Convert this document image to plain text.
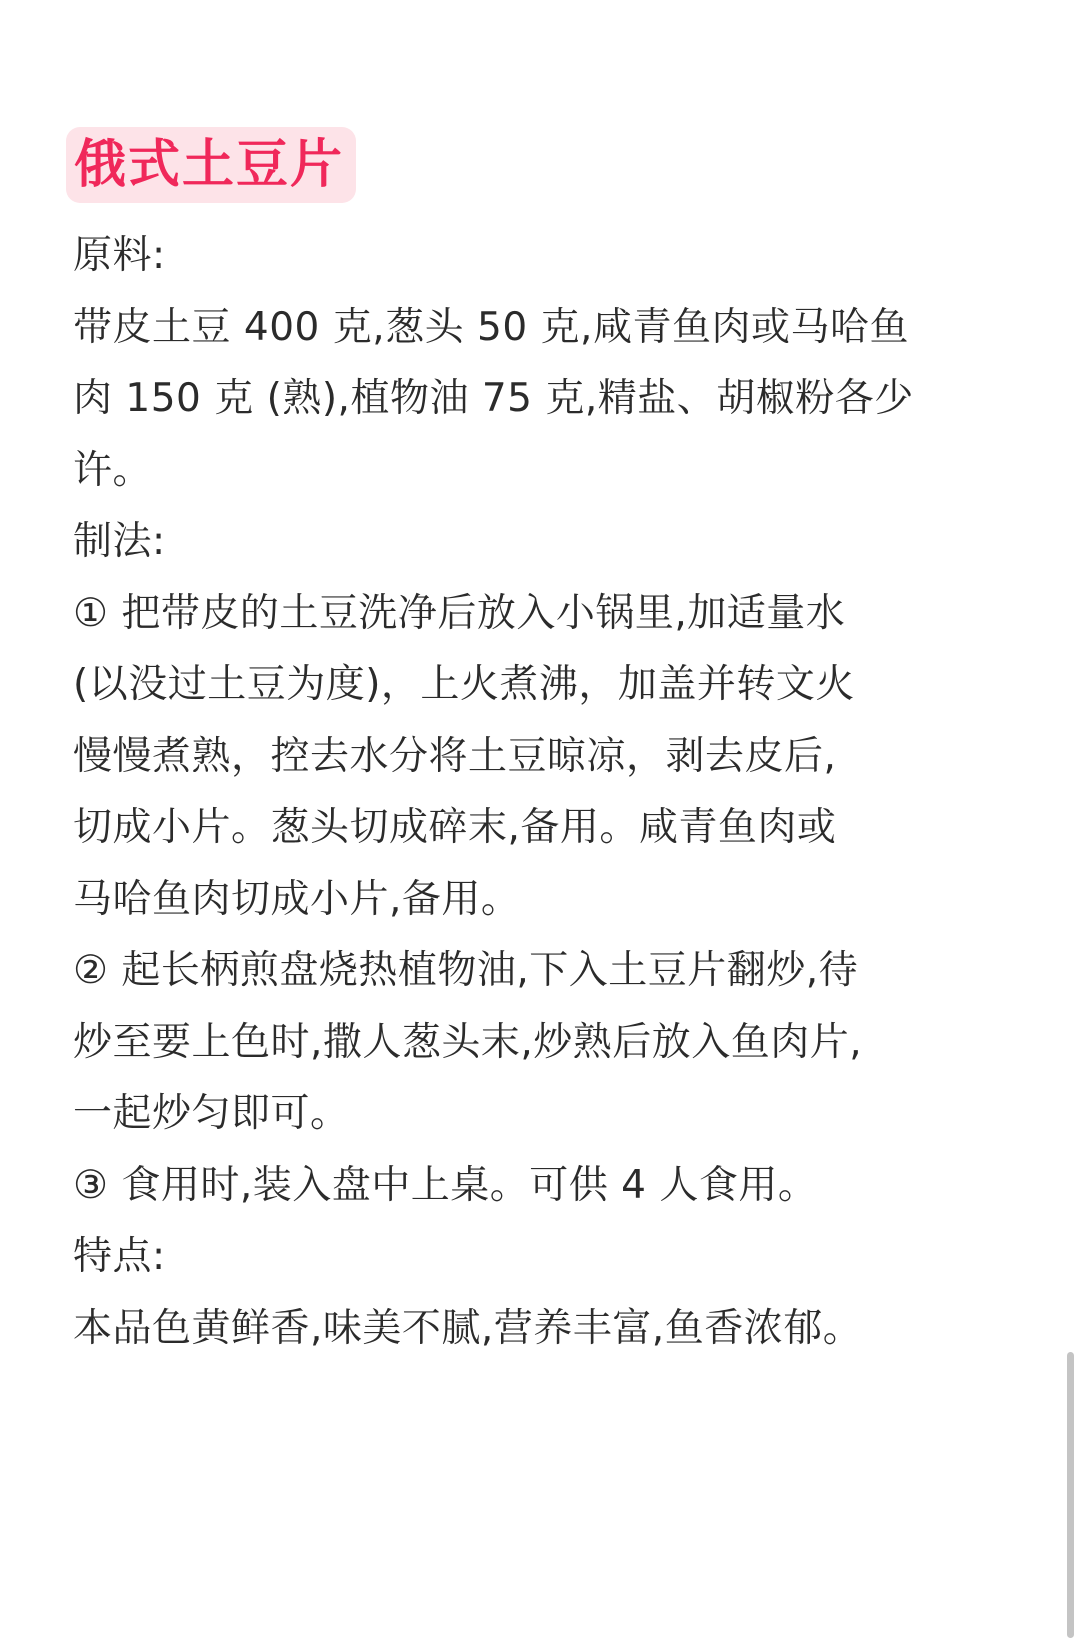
俄式土豆片
原料:
带皮土豆 400 克,葱头 50 克,咸青鱼肉或马哈鱼
肉 150 克 (熟),植物油 75 克,精盐、胡椒粉各少
许。
制法:
① 把带皮的土豆洗净后放入小锅里,加适量水
(以没过土豆为度)，上火煮沸，加盖并转文火
慢慢煮熟，控去水分将土豆晾凉，剥去皮后,
切成小片。葱头切成碎末,备用。咸青鱼肉或
马哈鱼肉切成小片,备用。
② 起长柄煎盘烧热植物油,下入土豆片翻炒,待
炒至要上色时,撒人葱头末,炒熟后放入鱼肉片,
一起炒匀即可。
③ 食用时,装入盘中上桌。可供 4 人食用。
特点:
本品色黄鲜香,味美不腻,营养丰富,鱼香浓郁。
